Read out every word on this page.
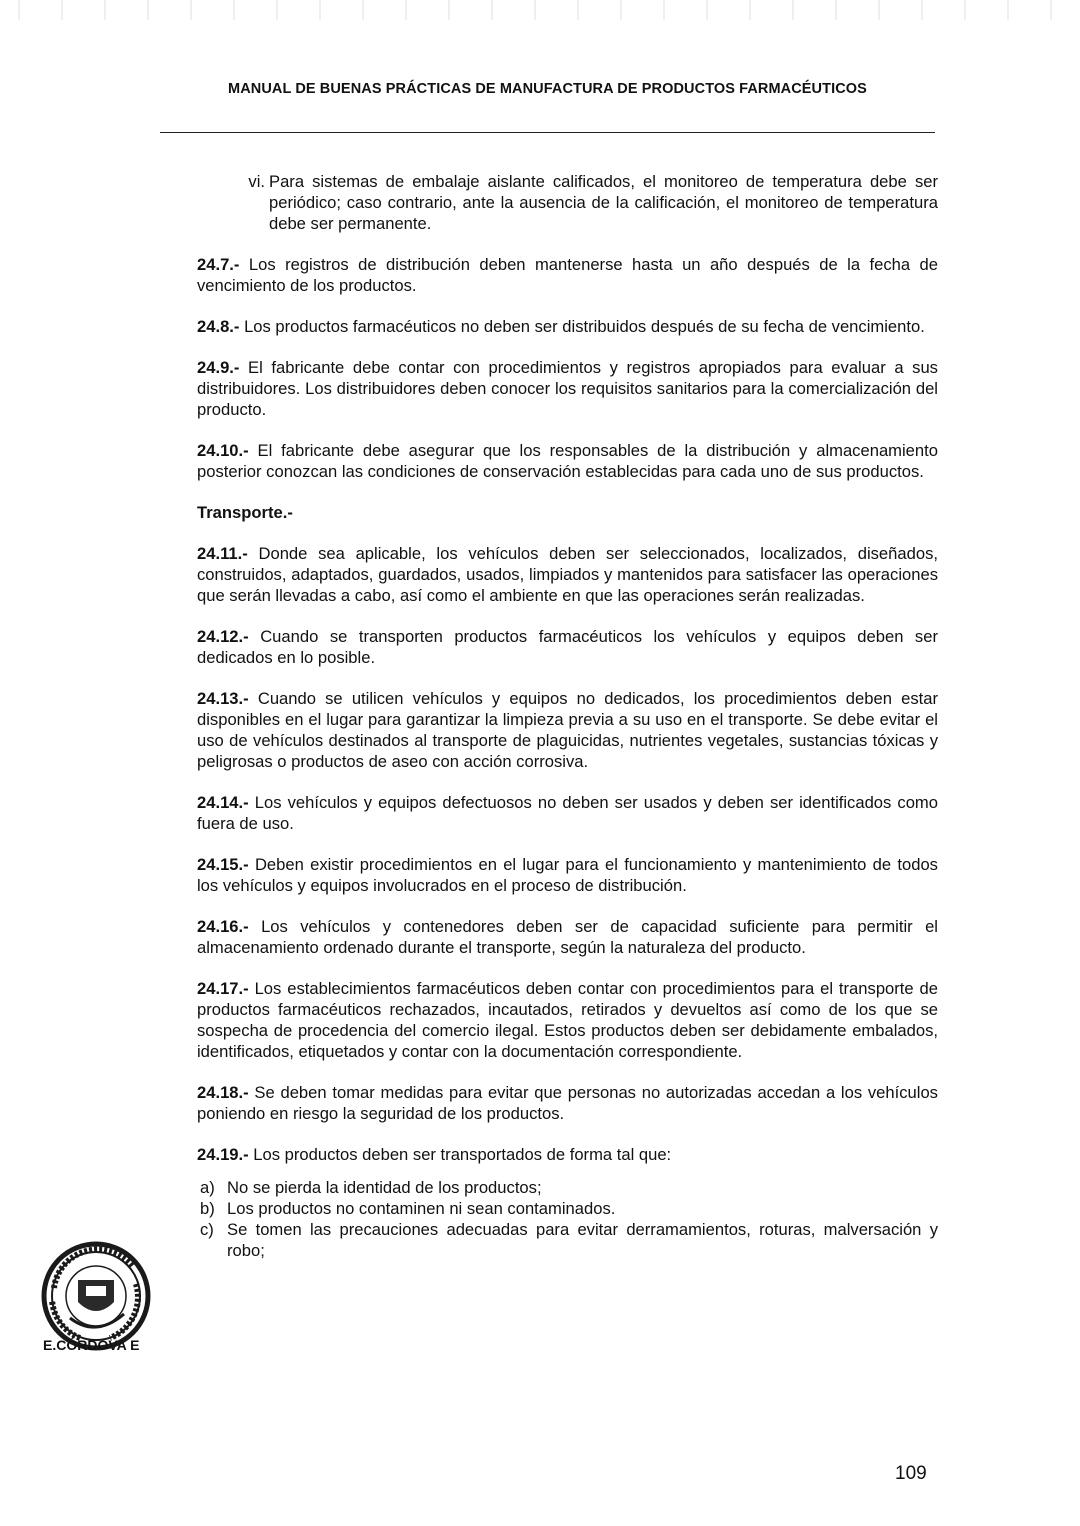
MANUAL DE BUENAS PRÁCTICAS DE MANUFACTURA DE PRODUCTOS FARMACÉUTICOS
vi. Para sistemas de embalaje aislante calificados, el monitoreo de temperatura debe ser periódico; caso contrario, ante la ausencia de la calificación, el monitoreo de temperatura debe ser permanente.

24.7.- Los registros de distribución deben mantenerse hasta un año después de la fecha de vencimiento de los productos.

24.8.- Los productos farmacéuticos no deben ser distribuidos después de su fecha de vencimiento.

24.9.- El fabricante debe contar con procedimientos y registros apropiados para evaluar a sus distribuidores. Los distribuidores deben conocer los requisitos sanitarios para la comercialización del producto.

24.10.- El fabricante debe asegurar que los responsables de la distribución y almacenamiento posterior conozcan las condiciones de conservación establecidas para cada uno de sus productos.

Transporte.-

24.11.- Donde sea aplicable, los vehículos deben ser seleccionados, localizados, diseñados, construidos, adaptados, guardados, usados, limpiados y mantenidos para satisfacer las operaciones que serán llevadas a cabo, así como el ambiente en que las operaciones serán realizadas.

24.12.- Cuando se transporten productos farmacéuticos los vehículos y equipos deben ser dedicados en lo posible.

24.13.- Cuando se utilicen vehículos y equipos no dedicados, los procedimientos deben estar disponibles en el lugar para garantizar la limpieza previa a su uso en el transporte. Se debe evitar el uso de vehículos destinados al transporte de plaguicidas, nutrientes vegetales, sustancias tóxicas y peligrosas o productos de aseo con acción corrosiva.

24.14.- Los vehículos y equipos defectuosos no deben ser usados y deben ser identificados como fuera de uso.

24.15.- Deben existir procedimientos en el lugar para el funcionamiento y mantenimiento de todos los vehículos y equipos involucrados en el proceso de distribución.

24.16.- Los vehículos y contenedores deben ser de capacidad suficiente para permitir el almacenamiento ordenado durante el transporte, según la naturaleza del producto.

24.17.- Los establecimientos farmacéuticos deben contar con procedimientos para el transporte de productos farmacéuticos rechazados, incautados, retirados y devueltos así como de los que se sospecha de procedencia del comercio ilegal. Estos productos deben ser debidamente embalados, identificados, etiquetados y contar con la documentación correspondiente.

24.18.- Se deben tomar medidas para evitar que personas no autorizadas accedan a los vehículos poniendo en riesgo la seguridad de los productos.

24.19.- Los productos deben ser transportados de forma tal que:

a) No se pierda la identidad de los productos;
b) Los productos no contaminen ni sean contaminados.
c) Se tomen las precauciones adecuadas para evitar derramamientos, roturas, malversación y robo;
E.CÓRDOVA E
109
